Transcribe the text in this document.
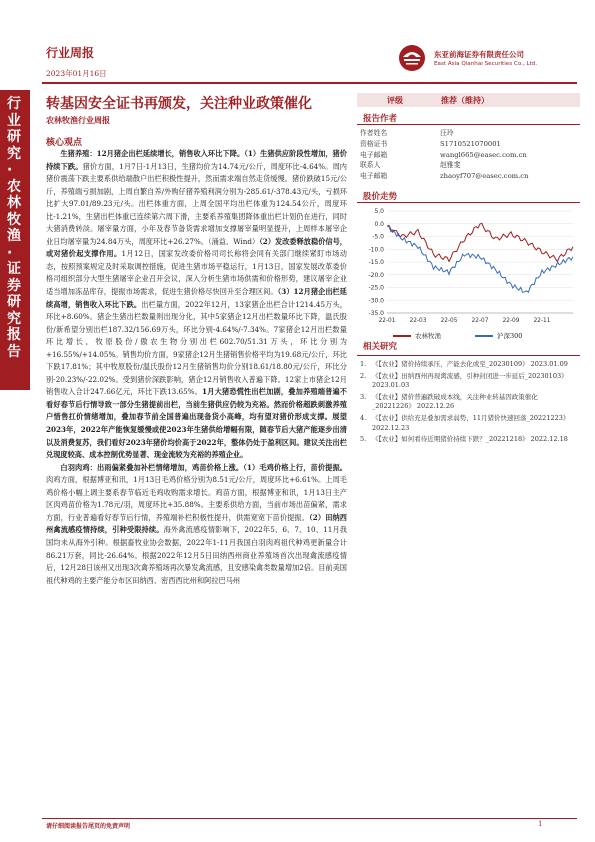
行业周报
2023年01月16日
东亚前海证券有限责任公司
East Asia Qianhai Securities Co., Ltd.
行业研究·农林牧渔·证券研究报告
转基因安全证书再颁发，关注种业政策催化
农林牧渔行业周报
核心观点

生猪养殖：12月猪企出栏延续增长，销售收入环比下降。（1）生猪供应阶段性增加，猪价持续下跌。猪价方面，1月7日-1月13日，生猪均价为14.74元/公斤，周度环比-4.64%。周内猪价震荡下跌主要系供给端散户出栏积极性提升，然而需求端自然走货缓慢。猪价跌破15元/公斤，养殖端亏损加剧，上周自繁自养/外购仔猪养殖利润分别为-285.61/-378.43元/头，亏损环比扩大97.01/89.23元/头。出栏体重方面，上周全国平均出栏体重为124.54公斤，周度环比-1.21%，生猪出栏体重已连续第六周下滑，主要系养殖集团降体重出栏计划仍在进行，同时大猪消费转淡。屠宰量方面，小年及春节备货需求增加支撑屠宰量明显提升，上周样本屠宰企业日均屠宰量为24.84万头，周度环比+26.27%。（涌益、Wind）（2）发改委释放稳价信号，或对猪价起支撑作用。1月12日，国家发改委价格司司长称将会同有关部门继续紧盯市场动态，按照预案规定及时采取调控措施，促进生猪市场平稳运行，1月13日，国家发展改革委价格司组织部分大型生猪屠宰企业召开会议，深入分析生猪市场供需和价格形势，建议屠宰企业适当增加冻品库存，提振市场需求，促进生猪价格尽快回升至合理区间。（3）12月猪企出栏延续高增，销售收入环比下跌。出栏量方面，2022年12月，13家猪企出栏合计1214.45万头，环比+8.60%。猪企生猪出栏数量则出现分化，其中5家猪企12月出栏数量环比下降，温氏股份/新希望分别出栏187.32/156.69万头，环比分别-4.64%/-7.34%。7家猪企12月出栏数量环比增长，牧原股份/傲农生物分别出栏602.70/51.31万头，环比分别为+16.55%/+14.05%。销售均价方面，9家猪企12月生猪销售价格平均为19.68元/公斤，环比下跌17.81%；其中牧原股份/温氏股份12月生猪销售均价分别18.61/18.80元/公斤，环比分别-20.23%/-22.02%。受到猪价深跌影响，猪企12月销售收入普遍下降。12家上市猪企12月销售收入合计247.66亿元，环比下跌13.65%。1月大猪恐慌性出栏加剧，叠加养殖端普遍不看好春节后行情导致一部分生猪提前出栏，当前生猪供应仍较为充裕。然而价格超跌刺激养殖户惜售扛价情绪增加，叠加春节前全国普遍出现备货小高峰，均有望对猪价形成支撑。展望2023年，2022年产能恢复缓慢或使2023年生猪供给增幅有限，随春节后大猪产能逐步出清以及消费复苏，我们看好2023年猪价均价高于2022年，整体仍处于盈利区间。建议关注出栏兑现度较高、成本控制优势显著、现金流较为充裕的养殖企业。

白羽肉鸡：出雨偏紧叠加补栏情绪增加，鸡苗价格上涨。（1）毛鸡价格上行，苗价提振。肉鸡方面，根据博亚和讯，1月13日毛鸡价格分别为8.51元/公斤，周度环比+6.61%。上周毛鸡价格小幅上调主要系春节临近毛鸡收购需求增长。鸡苗方面，根据博亚和讯，1月13日主产区肉鸡苗价格为1.78元/羽，周度环比+35.88%。主要系供给方面，当前市场出苗偏紧，需求方面，行业普遍看好春节后行情，养殖端补栏积极性提升，供需宽宽下苗价提振。（2）田纳西州禽流感疫情持续，引种受限持续。海外禽流感疫情影响下，2022年5、6、7、10、11月我国均未从海外引种。根据畜牧业协会数据，2022年1-11月我国白羽肉鸡祖代种鸡更新量合计86.21万套，同比-26.64%。根据2022年12月5日田纳西州商业养殖场首次出现禽流感疫情后，12月28日该州又出现3次禽养殖场再次暴发禽流感，且安感染禽类数量增加2倍。目前美国祖代种鸡的主要产能分布区田纳西、密西西比州和阿拉巴马州

评级	推荐（维持）
报告作者
作者姓名	汪玲
资格证书	S1710521070001
电子邮箱	wangl665@easec.com.cn
联系人	赵雅斐
电子邮箱	zhaoyf707@easec.com.cn
股价走势
5.0
0.0
-5.0
-10.0
-15.0
-20.0
-25.0
-30.0
-35.0
22-01 22-03 22-05 22-07 22-09 22-11
农林牧渔	沪深300
相关研究
1. 《【农业】猪价持续承压，产能去化或至_20230109》 2023.01.09
2. 《【农业】田纳西州再现禽流感，引种封闭进一步延后_20230103》 2023.01.03
3. 《【农业】猪价普遍跌破成本线，关注种业转基因政策催化_20221226》 2022.12.26
4. 《【农业】供给充足叠加需求弱势，11月猪价快速回落_20221223》 2022.12.23
5. 《【农业】如何看待近期猪价持续下跌？_20221218》 2022.12.18
请仔细阅读报告尾页的免责声明	1
